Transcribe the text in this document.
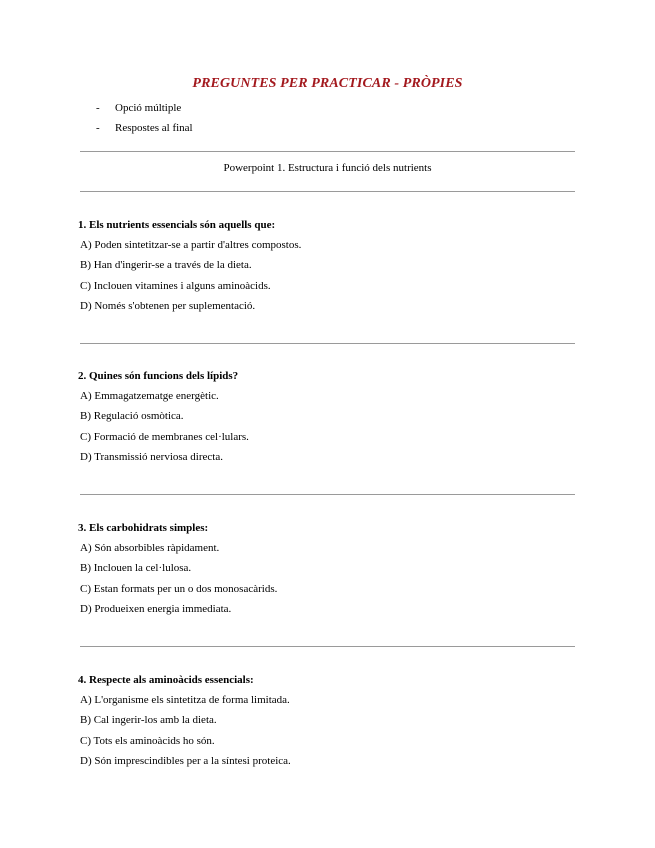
PREGUNTES PER PRACTICAR - PRÒPIES
- Opció múltiple
- Respostes al final
Powerpoint 1. Estructura i funció dels nutrients
1. Els nutrients essencials són aquells que:
A) Poden sintetitzar-se a partir d'altres compostos.
B) Han d'ingerir-se a través de la dieta.
C) Inclouen vitamines i alguns aminoàcids.
D) Només s'obtenen per suplementació.
2. Quines són funcions dels lípids?
A) Emmagatzematge energètic.
B) Regulació osmòtica.
C) Formació de membranes cel·lulars.
D) Transmissió nerviosa directa.
3. Els carbohidrats simples:
A) Són absorbibles ràpidament.
B) Inclouen la cel·lulosa.
C) Estan formats per un o dos monosacàrids.
D) Produeixen energia immediata.
4. Respecte als aminoàcids essencials:
A) L'organisme els sintetitza de forma limitada.
B) Cal ingerir-los amb la dieta.
C) Tots els aminoàcids ho són.
D) Són imprescindibles per a la síntesi proteica.
